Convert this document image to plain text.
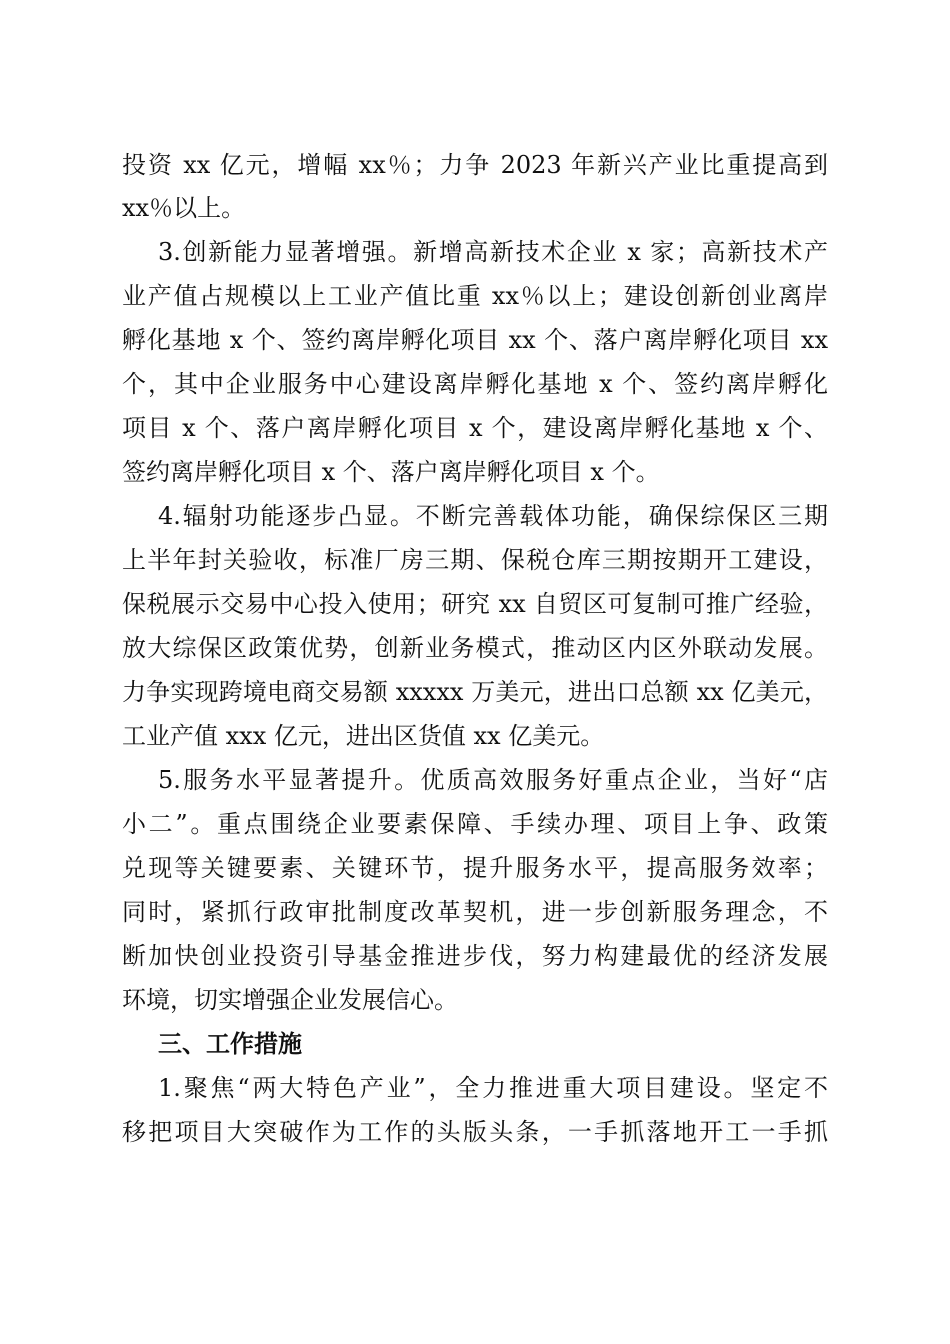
投资 xx 亿元，增幅 xx％；力争 2023 年新兴产业比重提高到
xx％以上。
3.创新能力显著增强。新增高新技术企业 x 家；高新技术产
业产值占规模以上工业产值比重 xx％以上；建设创新创业离岸
孵化基地 x 个、签约离岸孵化项目 xx 个、落户离岸孵化项目 xx
个，其中企业服务中心建设离岸孵化基地 x 个、签约离岸孵化
项目 x 个、落户离岸孵化项目 x 个，建设离岸孵化基地 x 个、
签约离岸孵化项目 x 个、落户离岸孵化项目 x 个。
4.辐射功能逐步凸显。不断完善载体功能，确保综保区三期
上半年封关验收，标准厂房三期、保税仓库三期按期开工建设，
保税展示交易中心投入使用；研究 xx 自贸区可复制可推广经验，
放大综保区政策优势，创新业务模式，推动区内区外联动发展。
力争实现跨境电商交易额 xxxxx 万美元，进出口总额 xx 亿美元，
工业产值 xxx 亿元，进出区货值 xx 亿美元。
5.服务水平显著提升。优质高效服务好重点企业，当好“店
小二”。重点围绕企业要素保障、手续办理、项目上争、政策
兑现等关键要素、关键环节，提升服务水平，提高服务效率；
同时，紧抓行政审批制度改革契机，进一步创新服务理念，不
断加快创业投资引导基金推进步伐，努力构建最优的经济发展
环境，切实增强企业发展信心。
三、工作措施
1.聚焦“两大特色产业”，全力推进重大项目建设。坚定不
移把项目大突破作为工作的头版头条，一手抓落地开工一手抓
